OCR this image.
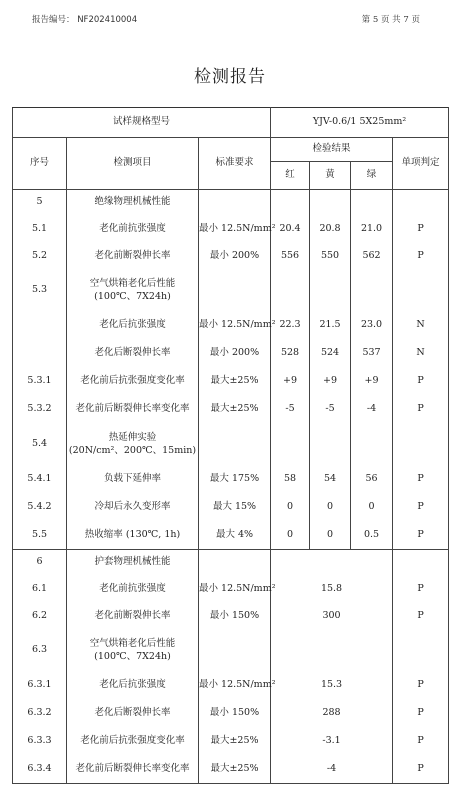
报告编号： NF202410004	第 5 页 共 7 页
检测报告
试样规格型号			YJV-0.6/1 5X25mm²			
序号	检测项目	标准要求	检验结果			单项判定
			红	黄	绿	
5	绝缘物理机械性能					

5.1	老化前抗张强度	最小 12.5N/mm²	20.4	20.8	21.0	P
5.2	老化前断裂伸长率	最小 200%	556	550	562	P
5.3	空气烘箱老化后性能
(100℃、7X24h)					

	老化后抗张强度	最小 12.5N/mm²	22.3	21.5	23.0	N

	老化后断裂伸长率	最小 200%	528	524	537	N
5.3.1	老化前后抗张强度变化率	最大±25%	+9	+9	+9	P
5.3.2	老化前后断裂伸长率变化率	最大±25%	-5	-5	-4	P
5.4	热延伸实验
(20N/cm²、200℃、15min)					

5.4.1	负载下延伸率	最大 175%	58	54	56	P
5.4.2	冷却后永久变形率	最大 15%	0	0	0	P
5.5	热收缩率 (130℃, 1h)	最大 4%	0	0	0.5	P
6	护套物理机械性能					

6.1	老化前抗张强度	最小 12.5N/mm²	15.8			P
6.2	老化前断裂伸长率	最小 150%	300			P
6.3	空气烘箱老化后性能
(100℃、7X24h)					

6.3.1	老化后抗张强度	最小 12.5N/mm²	15.3			P
6.3.2	老化后断裂伸长率	最小 150%	288			P
6.3.3	老化前后抗张强度变化率	最大±25%	-3.1			P
6.3.4	老化前后断裂伸长率变化率	最大±25%	-4			P
